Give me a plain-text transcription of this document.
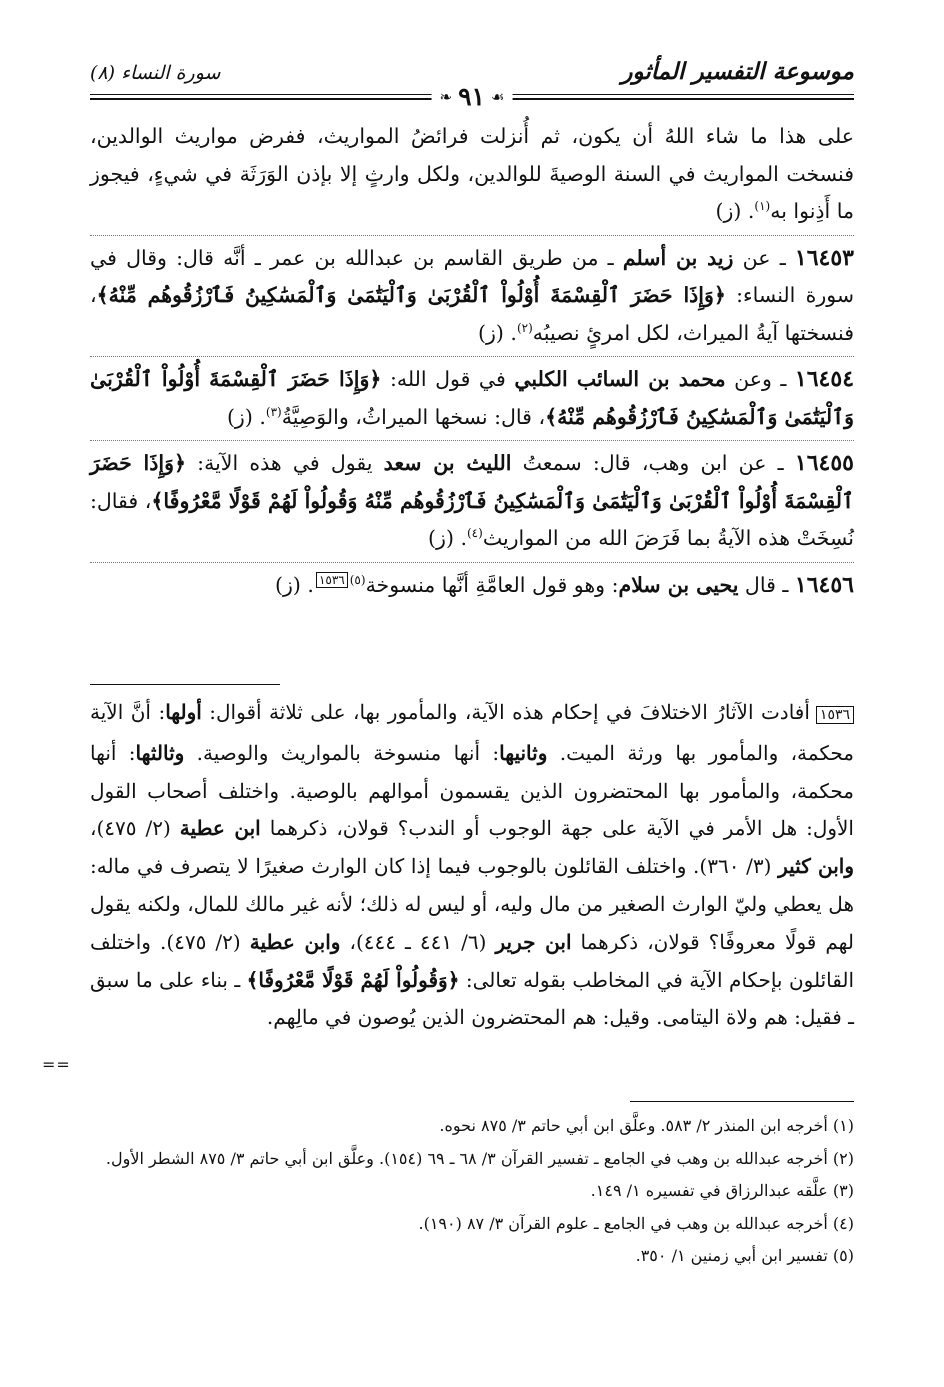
موسوعة التفسير المأثور
سورة النساء (٨)
☙
٩١
❧

على هذا ما شاء اللهُ أن يكون، ثم أُنزلت فرائضُ المواريث، ففرض مواريث الوالدين، فنسخت المواريث في السنة الوصيةَ للوالدين، ولكل وارثٍ إلا بإذن الوَرَثَة في شيءٍ، فيجوز ما أَذِنوا به$^{(١)}$. (ز)

١٦٤٥٣ ـ عن زيد بن أسلم ـ من طريق القاسم بن عبدالله بن عمر ـ أنَّه قال: وقال في سورة النساء: ﴿وَإِذَا حَضَرَ ٱلْقِسْمَةَ أُوْلُواْ ٱلْقُرْبَىٰ وَٱلْيَتَٰمَىٰ وَٱلْمَسَٰكِينُ فَٱرْزُقُوهُم مِّنْهُ﴾، فنسختها آيةُ الميراث، لكل امرئٍ نصيبُه$^{(٢)}$. (ز)

١٦٤٥٤ ـ وعن محمد بن السائب الكلبي في قول الله: ﴿وَإِذَا حَضَرَ ٱلْقِسْمَةَ أُوْلُواْ ٱلْقُرْبَىٰ وَٱلْيَتَٰمَىٰ وَٱلْمَسَٰكِينُ فَٱرْزُقُوهُم مِّنْهُ﴾، قال: نسخها الميراثُ، والوَصِيَّةُ$^{(٣)}$. (ز)

١٦٤٥٥ ـ عن ابن وهب، قال: سمعتُ الليث بن سعد يقول في هذه الآية: ﴿وَإِذَا حَضَرَ ٱلْقِسْمَةَ أُوْلُواْ ٱلْقُرْبَىٰ وَٱلْيَتَٰمَىٰ وَٱلْمَسَٰكِينُ فَٱرْزُقُوهُم مِّنْهُ وَقُولُواْ لَهُمْ قَوْلًا مَّعْرُوفًا﴾، فقال: نُسِخَتْ هذه الآيةُ بما فَرَضَ الله من المواريث$^{(٤)}$. (ز)

١٦٤٥٦ ـ قال يحيى بن سلام: وهو قول العامَّةِ أنَّها منسوخة$^{(٥)١٥٣٦}$. (ز)

١٥٣٦أفادت الآثارُ الاختلافَ في إحكام هذه الآية، والمأمور بها، على ثلاثة أقوال: أولها: أنَّ الآية محكمة، والمأمور بها ورثة الميت. وثانيها: أنها منسوخة بالمواريث والوصية. وثالثها: أنها محكمة، والمأمور بها المحتضرون الذين يقسمون أموالهم بالوصية. واختلف أصحاب القول الأول: هل الأمر في الآية على جهة الوجوب أو الندب؟ قولان، ذكرهما ابن عطية (٢/ ٤٧٥)، وابن كثير (٣/ ٣٦٠). واختلف القائلون بالوجوب فيما إذا كان الوارث صغيرًا لا يتصرف في ماله: هل يعطي وليّ الوارث الصغير من مال وليه، أو ليس له ذلك؛ لأنه غير مالك للمال، ولكنه يقول لهم قولًا معروفًا؟ قولان، ذكرهما ابن جرير (٦/ ٤٤١ ـ ٤٤٤)، وابن عطية (٢/ ٤٧٥). واختلف القائلون بإحكام الآية في المخاطب بقوله تعالى: ﴿وَقُولُواْ لَهُمْ قَوْلًا مَّعْرُوفًا﴾ ـ بناء على ما سبق ـ فقيل: هم ولاة اليتامى. وقيل: هم المحتضرون الذين يُوصون في مالِهم.
==
(١) أخرجه ابن المنذر ٢/ ٥٨٣. وعلَّق ابن أبي حاتم ٣/ ٨٧٥ نحوه.
(٢) أخرجه عبدالله بن وهب في الجامع ـ تفسير القرآن ٣/ ٦٨ ـ ٦٩ (١٥٤). وعلَّق ابن أبي حاتم ٣/ ٨٧٥ الشطر الأول.
(٣) علَّقه عبدالرزاق في تفسيره ١/ ١٤٩.
(٤) أخرجه عبدالله بن وهب في الجامع ـ علوم القرآن ٣/ ٨٧ (١٩٠).
(٥) تفسير ابن أبي زمنين ١/ ٣٥٠.
